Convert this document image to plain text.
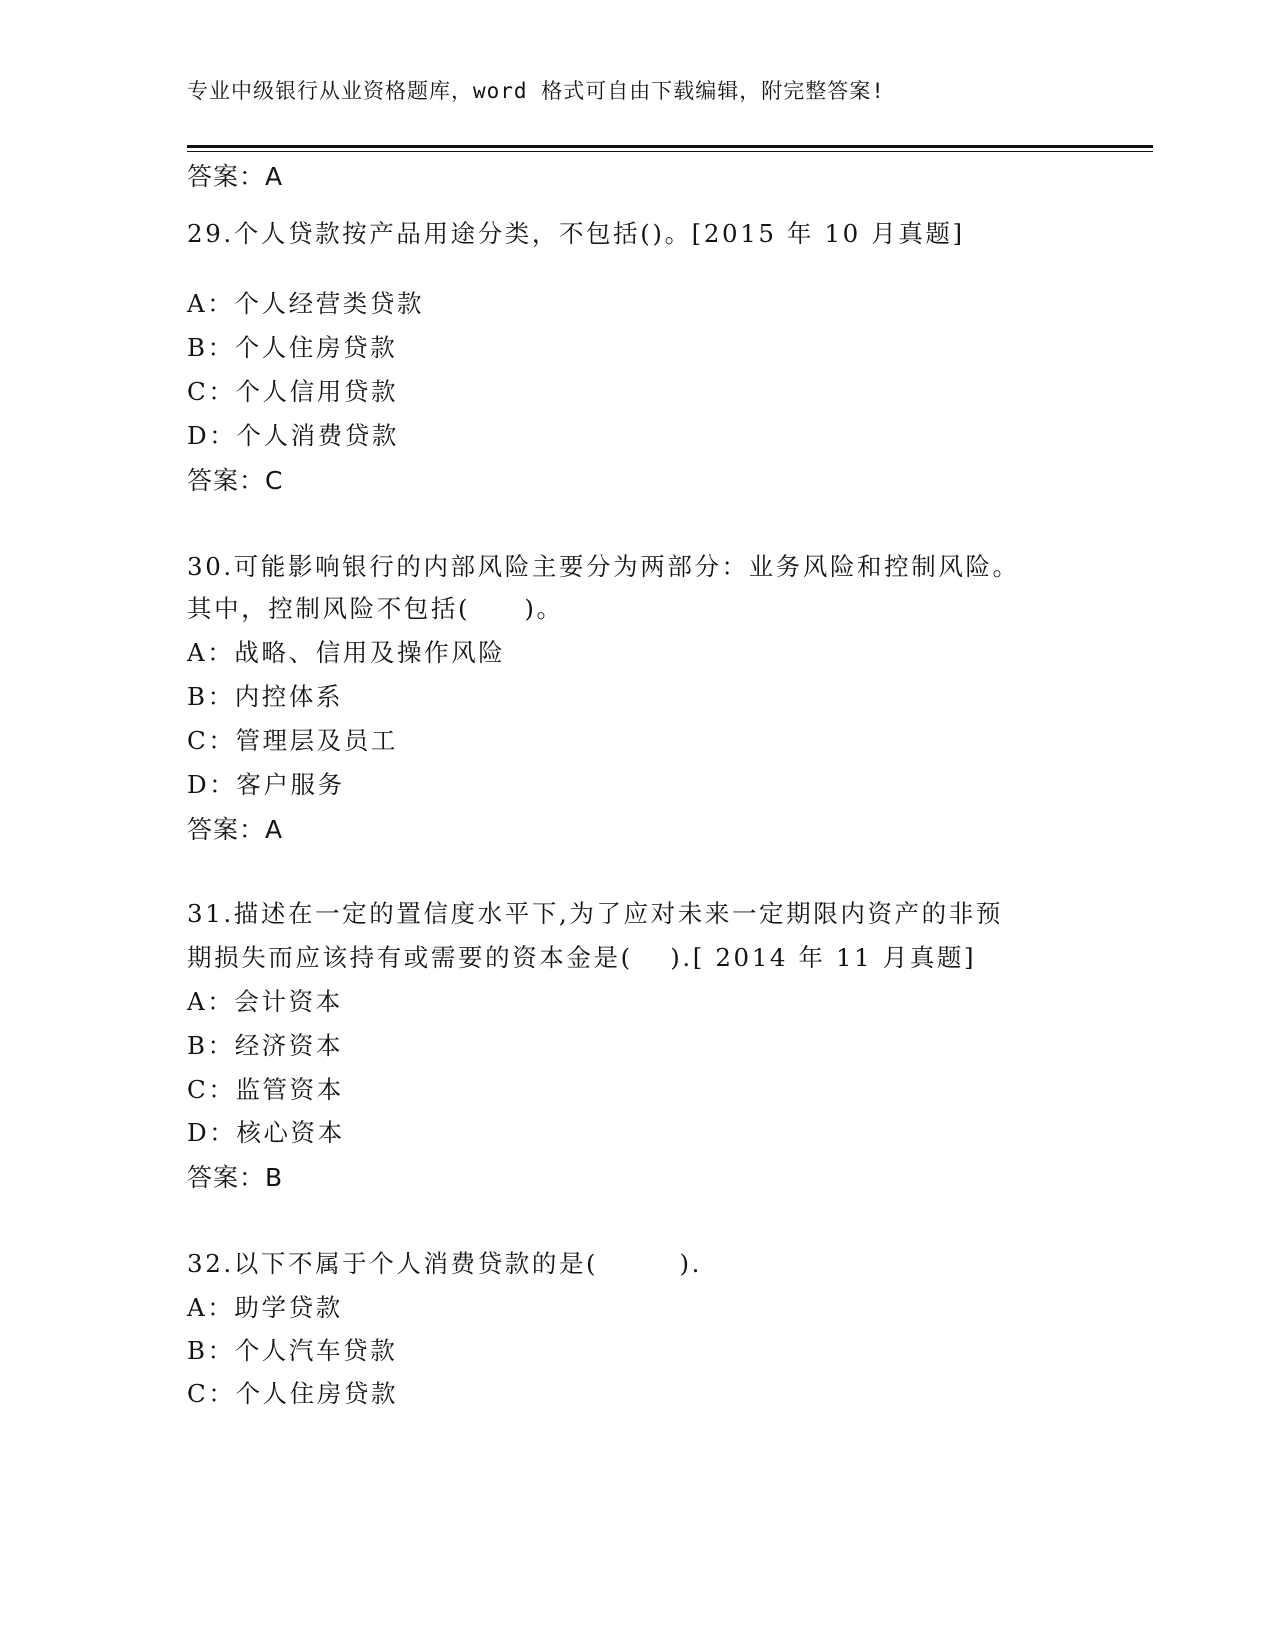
专业中级银行从业资格题库，word 格式可自由下载编辑，附完整答案!
答案：A
29.个人贷款按产品用途分类，不包括()。[2015 年 10 月真题]
A：个人经营类贷款
B：个人住房贷款
C：个人信用贷款
D：个人消费贷款
答案：C
30.可能影响银行的内部风险主要分为两部分：业务风险和控制风险。
其中，控制风险不包括(　　)。
A：战略、信用及操作风险
B：内控体系
C：管理层及员工
D：客户服务
答案：A
31.描述在一定的置信度水平下,为了应对未来一定期限内资产的非预
期损失而应该持有或需要的资本金是(　 ).[ 2014 年 11 月真题]
A：会计资本
B：经济资本
C：监管资本
D：核心资本
答案：B
32.以下不属于个人消费贷款的是(　　　).
A：助学贷款
B：个人汽车贷款
C：个人住房贷款
